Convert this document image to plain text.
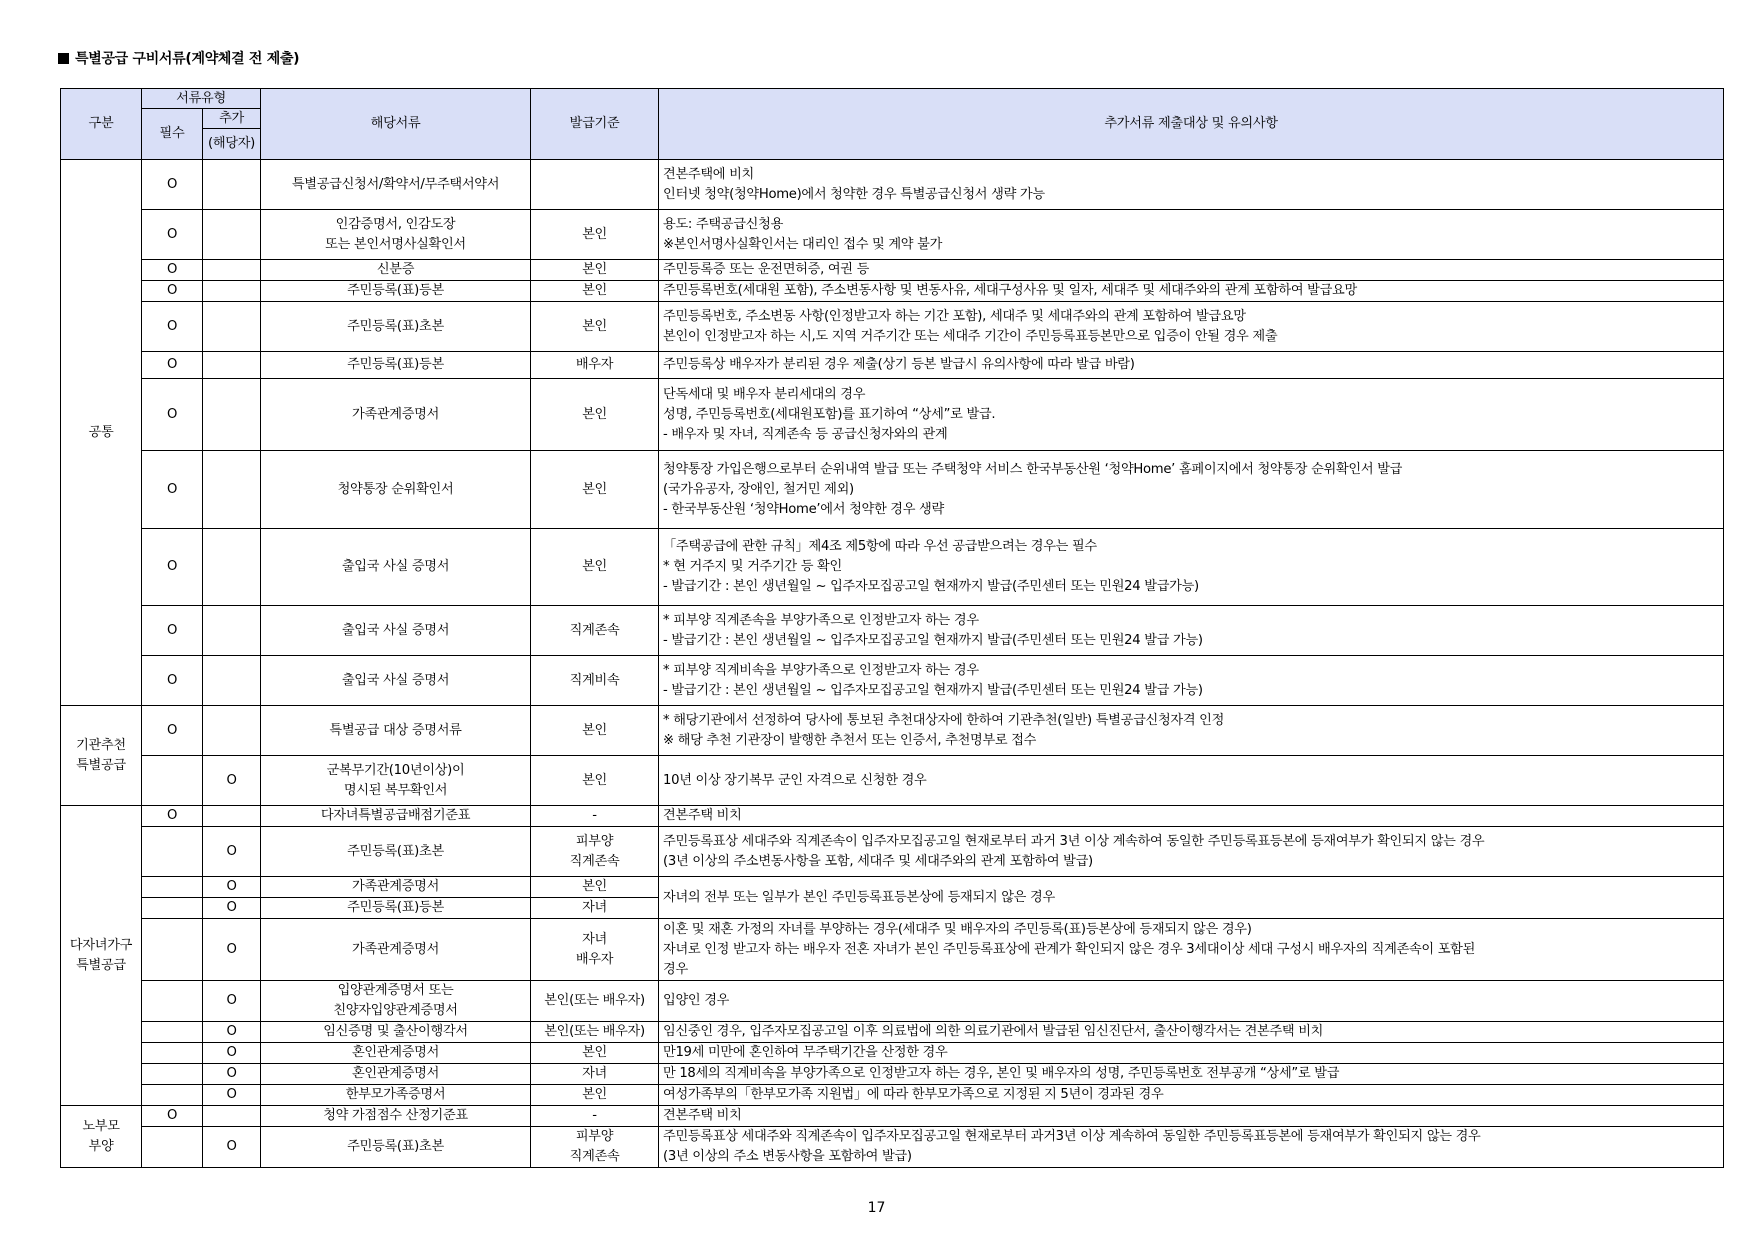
특별공급 구비서류(계약체결 전 제출)
구분	서류유형		해당서류	발급기준	추가서류 제출대상 및 유의사항
	필수	추가			

		(해당자)			

공통	O		특별공급신청서/확약서/무주택서약서		견본주택에 비치
인터넷 청약(청약Home)에서 청약한 경우 특별공급신청서 생략 가능

	O		인감증명서, 인감도장
또는 본인서명사실확인서	본인	용도: 주택공급신청용
※본인서명사실확인서는 대리인 접수 및 계약 불가

	O		신분증	본인	주민등록증 또는 운전면허증, 여권 등

	O		주민등록(표)등본	본인	주민등록번호(세대원 포함), 주소변동사항 및 변동사유, 세대구성사유 및 일자, 세대주 및 세대주와의 관계 포함하여 발급요망

	O		주민등록(표)초본	본인	주민등록번호, 주소변동 사항(인정받고자 하는 기간 포함), 세대주 및 세대주와의 관계 포함하여 발급요망
본인이 인정받고자 하는 시,도 지역 거주기간 또는 세대주 기간이 주민등록표등본만으로 입증이 안될 경우 제출

	O		주민등록(표)등본	배우자	주민등록상 배우자가 분리된 경우 제출(상기 등본 발급시 유의사항에 따라 발급 바람)

	O		가족관계증명서	본인	단독세대 및 배우자 분리세대의 경우
성명, 주민등록번호(세대원포함)를 표기하여 “상세”로 발급.
- 배우자 및 자녀, 직계존속 등 공급신청자와의 관계

	O		청약통장 순위확인서	본인	청약통장 가입은행으로부터 순위내역 발급 또는 주택청약 서비스 한국부동산원 ‘청약Home’ 홈페이지에서 청약통장 순위확인서 발급
(국가유공자, 장애인, 철거민 제외)
- 한국부동산원 ‘청약Home’에서 청약한 경우 생략

	O		출입국 사실 증명서	본인	「주택공급에 관한 규칙」제4조 제5항에 따라 우선 공급받으려는 경우는 필수
* 현 거주지 및 거주기간 등 확인
- 발급기간 : 본인 생년월일 ~ 입주자모집공고일 현재까지 발급(주민센터 또는 민원24 발급가능)

	O		출입국 사실 증명서	직계존속	* 피부양 직계존속을 부양가족으로 인정받고자 하는 경우
- 발급기간 : 본인 생년월일 ~ 입주자모집공고일 현재까지 발급(주민센터 또는 민원24 발급 가능)

	O		출입국 사실 증명서	직계비속	* 피부양 직계비속을 부양가족으로 인정받고자 하는 경우
- 발급기간 : 본인 생년월일 ~ 입주자모집공고일 현재까지 발급(주민센터 또는 민원24 발급 가능)

기관추천
특별공급	O		특별공급 대상 증명서류	본인	* 해당기관에서 선정하여 당사에 통보된 추천대상자에 한하여 기관추천(일반) 특별공급신청자격 인정
※ 해당 추천 기관장이 발행한 추천서 또는 인증서, 추천명부로 접수

		O	군복무기간(10년이상)이
명시된 복무확인서	본인	10년 이상 장기복무 군인 자격으로 신청한 경우

다자녀가구
특별공급	O		다자녀특별공급배점기준표	-	견본주택 비치

		O	주민등록(표)초본	피부양
직계존속	주민등록표상 세대주와 직계존속이 입주자모집공고일 현재로부터 과거 3년 이상 계속하여 동일한 주민등록표등본에 등재여부가 확인되지 않는 경우
(3년 이상의 주소변동사항을 포함, 세대주 및 세대주와의 관계 포함하여 발급)

		O	가족관계증명서	본인	자녀의 전부 또는 일부가 본인 주민등록표등본상에 등재되지 않은 경우

		O	주민등록(표)등본	자녀	

		O	가족관계증명서	자녀
배우자	이혼 및 재혼 가정의 자녀를 부양하는 경우(세대주 및 배우자의 주민등록(표)등본상에 등재되지 않은 경우)
자녀로 인정 받고자 하는 배우자 전혼 자녀가 본인 주민등록표상에 관계가 확인되지 않은 경우 3세대이상 세대 구성시 배우자의 직계존속이 포함된
경우

		O	입양관계증명서 또는
친양자입양관계증명서	본인(또는 배우자)	입양인 경우

		O	임신증명 및 출산이행각서	본인(또는 배우자)	임신중인 경우, 입주자모집공고일 이후 의료법에 의한 의료기관에서 발급된 임신진단서, 출산이행각서는 견본주택 비치

		O	혼인관계증명서	본인	만19세 미만에 혼인하여 무주택기간을 산정한 경우

		O	혼인관계증명서	자녀	만 18세의 직계비속을 부양가족으로 인정받고자 하는 경우, 본인 및 배우자의 성명, 주민등록번호 전부공개 “상세”로 발급

		O	한부모가족증명서	본인	여성가족부의「한부모가족 지원법」에 따라 한부모가족으로 지정된 지 5년이 경과된 경우

노부모
부양	O		청약 가점점수 산정기준표	-	견본주택 비치

		O	주민등록(표)초본	피부양
직계존속	주민등록표상 세대주와 직계존속이 입주자모집공고일 현재로부터 과거3년 이상 계속하여 동일한 주민등록표등본에 등재여부가 확인되지 않는 경우
(3년 이상의 주소 변동사항을 포함하여 발급)
17
